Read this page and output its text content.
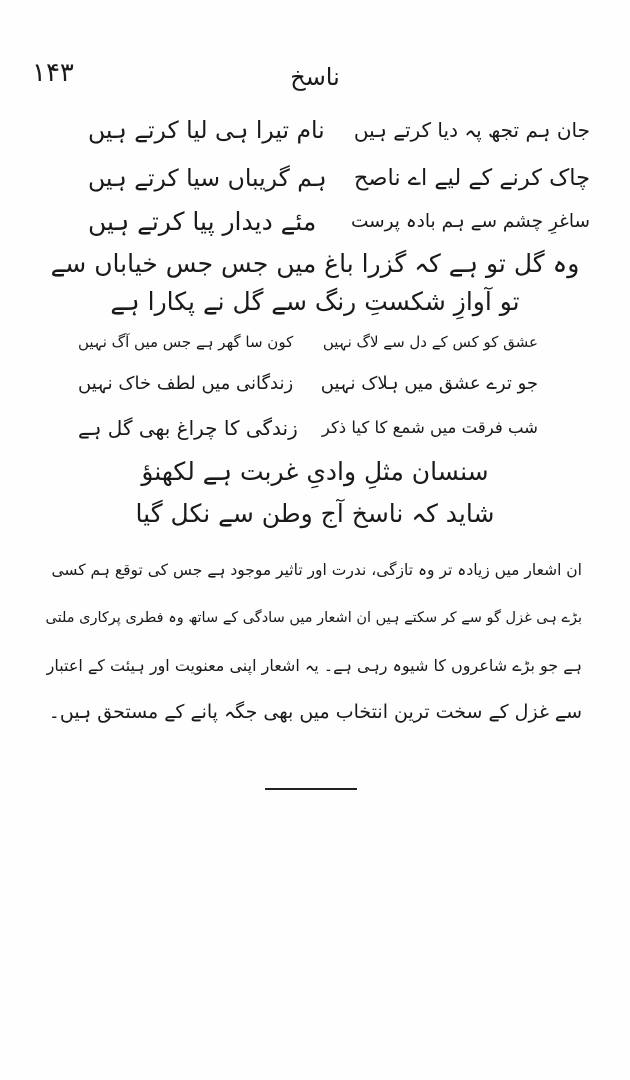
۱۴۳	ناسخ
جان ہم تجھ پہ دیا کرتے ہیں
نام تیرا ہی لیا کرتے ہیں
چاک کرنے کے لیے اے ناصح
ہم گریباں سیا کرتے ہیں
ساغرِ چشم سے ہم بادہ پرست
مئے دیدار پیا کرتے ہیں
وہ گل تو ہے کہ گزرا باغ میں جس جس خیاباں سے
تو آوازِ شکستِ رنگ سے گل نے پکارا ہے
عشق کو کس کے دل سے لاگ نہیں
کون سا گھر ہے جس میں آگ نہیں
جو ترے عشق میں ہلاک نہیں
زندگانی میں لطف خاک نہیں
شب فرقت میں شمع کا کیا ذکر
زندگی کا چراغ بھی گل ہے
سنسان مثلِ وادیِ غربت ہے لکھنؤ
شاید کہ ناسخ آج وطن سے نکل گیا
ان اشعار میں زیادہ تر وہ تازگی، ندرت اور تاثیر موجود ہے جس کی توقع ہم کسی
بڑے ہی غزل گو سے کر سکتے ہیں ان اشعار میں سادگی کے ساتھ وہ فطری پرکاری ملتی
ہے جو بڑے شاعروں کا شیوہ رہی ہے۔ یہ اشعار اپنی معنویت اور ہیئت کے اعتبار
سے غزل کے سخت ترین انتخاب میں بھی جگہ پانے کے مستحق ہیں۔
